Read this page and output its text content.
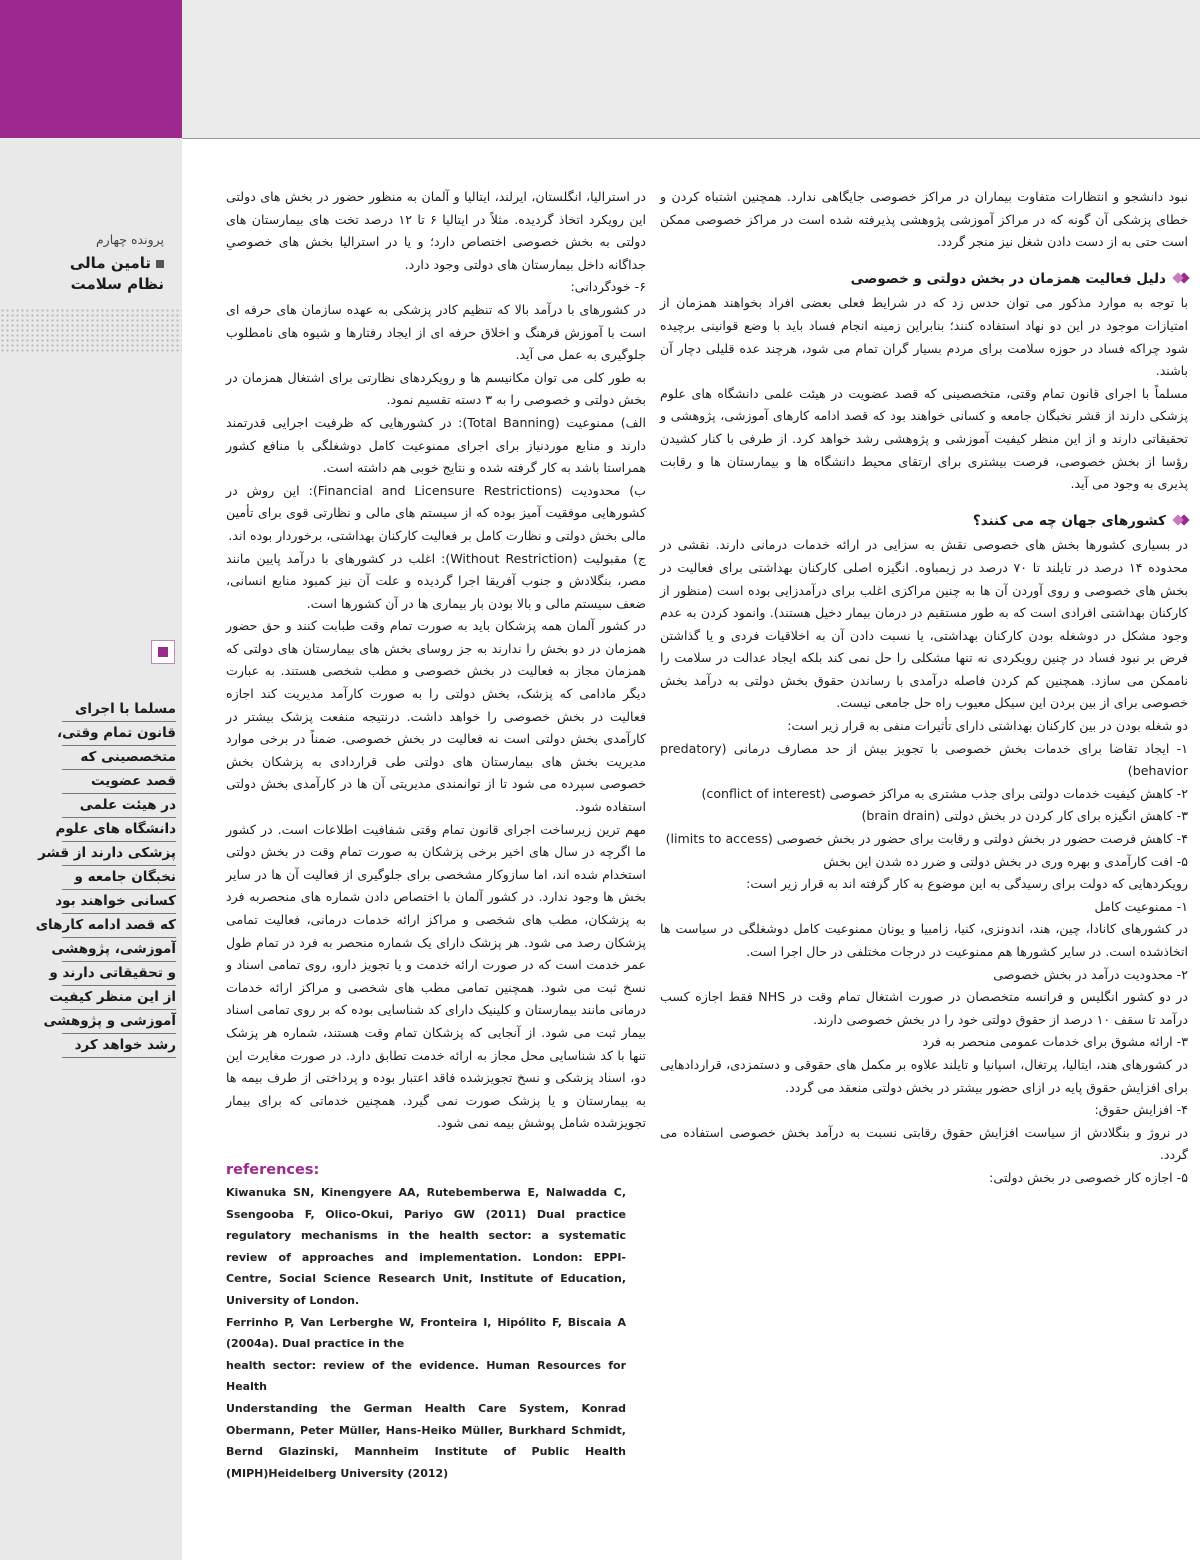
پرونده چهارم
تامین مالی
نظام سلامت
مسلما با اجرای
قانون تمام وقتی،
متخصصینی که
قصد عضویت
در هیئت علمی
دانشگاه های علوم
پزشکی دارند از قشر
نخبگان جامعه و
کسانی خواهند بود
که قصد ادامه کارهای
آموزشی، پژوهشی
و تحقیقاتی دارند و
از این منظر کیفیت
آموزشی و پژوهشی
رشد خواهد کرد

نبود دانشجو و انتظارات متفاوت بیماران در مراکز خصوصی جایگاهی ندارد. همچنین اشتباه کردن و خطای پزشکی آن گونه که در مراکز آموزشی پژوهشی پذیرفته شده است در مراکز خصوصی ممکن است حتی به از دست دادن شغل نیز منجر گردد.

دلیل فعالیت همزمان در بخش دولتی و خصوصی

با توجه به موارد مذکور می توان حدس زد که در شرایط فعلی بعضی افراد بخواهند همزمان از امتیازات موجود در این دو نهاد استفاده کنند؛ بنابراین زمینه انجام فساد باید با وضع قوانینی برچیده شود چراکه فساد در حوزه سلامت برای مردم بسیار گران تمام می شود، هرچند عده قلیلی دچار آن باشند.

مسلماً با اجرای قانون تمام وقتی، متخصصینی که قصد عضویت در هیئت علمی دانشگاه های علوم پزشکی دارند از قشر نخبگان جامعه و کسانی خواهند بود که قصد ادامه کارهای آموزشی، پژوهشی و تحقیقاتی دارند و از این منظر کیفیت آموزشی و پژوهشی رشد خواهد کرد. از طرفی با کنار کشیدن رؤسا از بخش خصوصی، فرصت بیشتری برای ارتقای محیط دانشگاه ها و بیمارستان ها و رقابت پذیری به وجود می آید.

کشورهای جهان چه می کنند؟

در بسیاری کشورها بخش های خصوصی نقش به سزایی در ارائه خدمات درمانی دارند. نقشی در محدوده ۱۴ درصد در تایلند تا ۷۰ درصد در زیمباوه. انگیزه اصلی کارکنان بهداشتی برای فعالیت در بخش های خصوصی و روی آوردن آن ها به چنین مراکزی اغلب برای درآمدزایی بوده است (منظور از کارکنان بهداشتی افرادی است که به طور مستقیم در درمان بیمار دخیل هستند). وانمود کردن به عدم وجود مشکل در دوشغله بودن کارکنان بهداشتی، یا نسبت دادن آن به اخلاقیات فردی و یا گذاشتن فرض بر نبود فساد در چنین رویکردی نه تنها مشکلی را حل نمی کند بلکه ایجاد عدالت در سلامت را ناممکن می سازد. همچنین کم کردن فاصله درآمدی با رساندن حقوق بخش دولتی به درآمد بخش خصوصی برای از بین بردن این سیکل معیوب راه حل جامعی نیست.

دو شغله بودن در بین کارکنان بهداشتی دارای تأثیرات منفی به قرار زیر است:

۱- ایجاد تقاضا برای خدمات بخش خصوصی با تجویز بیش از حد مصارف درمانی (predatory behavior)

۲- کاهش کیفیت خدمات دولتی برای جذب مشتری به مراکز خصوصی (conflict of interest)

۳- کاهش انگیزه برای کار کردن در بخش دولتی (brain drain)

۴- کاهش فرصت حضور در بخش دولتی و رقابت برای حضور در بخش خصوصی (limits to access)

۵- افت کارآمدی و بهره وری در بخش دولتی و ضرر ده شدن این بخش

رویکردهایی که دولت برای رسیدگی به این موضوع به کار گرفته اند به قرار زیر است:

۱- ممنوعیت کامل

در کشورهای کانادا، چین، هند، اندونزی، کنیا، زامبیا و یونان ممنوعیت کامل دوشغلگی در سیاست ها اتخاذشده است. در سایر کشورها هم ممنوعیت در درجات مختلفی در حال اجرا است.

۲- محدودیت درآمد در بخش خصوصی

در دو کشور انگلیس و فرانسه متخصصان در صورت اشتغال تمام وقت در NHS فقط اجازه کسب درآمد تا سقف ۱۰ درصد از حقوق دولتی خود را در بخش خصوصی دارند.

۳- ارائه مشوق برای خدمات عمومی منحصر به فرد

در کشورهای هند، ایتالیا، پرتغال، اسپانیا و تایلند علاوه بر مکمل های حقوقی و دستمزدی، قراردادهایی برای افزایش حقوق پایه در ازای حضور بیشتر در بخش دولتی منعقد می گردد.

۴- افزایش حقوق:

در نروژ و بنگلادش از سیاست افزایش حقوق رقابتی نسبت به درآمد بخش خصوصی استفاده می گردد.

۵- اجازه کار خصوصی در بخش دولتی:

در استرالیا، انگلستان، ایرلند، ایتالیا و آلمان به منظور حضور در بخش های دولتی این رویکرد اتخاذ گردیده. مثلاً در ایتالیا ۶ تا ۱۲ درصد تخت های بیمارستان های دولتی به بخش خصوصی اختصاص دارد؛ و یا در استرالیا بخش های خصوصیِ جداگانه داخل بیمارستان های دولتی وجود دارد.

۶- خودگردانی:

در کشورهای با درآمد بالا که تنظیم کادر پزشکی به عهده سازمان های حرفه ای است با آموزش فرهنگ و اخلاق حرفه ای از ایجاد رفتارها و شیوه های نامطلوب جلوگیری به عمل می آید.

به طور کلی می توان مکانیسم ها و رویکردهای نظارتی برای اشتغال همزمان در بخش دولتی و خصوصی را به ۳ دسته تقسیم نمود.

الف) ممنوعیت (Total Banning): در کشورهایی که ظرفیت اجرایی قدرتمند دارند و منابع موردنیاز برای اجرای ممنوعیت کامل دوشغلگی با منافع کشور همراستا باشد به کار گرفته شده و نتایج خوبی هم داشته است.

ب) محدودیت (Financial and Licensure Restrictions): این روش در کشورهایی موفقیت آمیز بوده که از سیستم های مالی و نظارتی قوی برای تأمین مالی بخش دولتی و نظارت کامل بر فعالیت کارکنان بهداشتی، برخوردار بوده اند.

ج) مقبولیت (Without Restriction): اغلب در کشورهای با درآمد پایین مانند مصر، بنگلادش و جنوب آفریقا اجرا گردیده و علت آن نیز کمبود منابع انسانی، ضعف سیستم مالی و بالا بودن بار بیماری ها در آن کشورها است.

در کشور آلمان همه پزشکان باید به صورت تمام وقت طبابت کنند و حق حضور همزمان در دو بخش را ندارند به جز روسای بخش های بیمارستان های دولتی که همزمان مجاز به فعالیت در بخش خصوصی و مطب شخصی هستند. به عبارت دیگر مادامی که پزشک، بخش دولتی را به صورت کارآمد مدیریت کند اجازه فعالیت در بخش خصوصی را خواهد داشت. درنتیجه منفعت پزشک بیشتر در کارآمدی بخش دولتی است نه فعالیت در بخش خصوصی. ضمناً در برخی موارد مدیریت بخش های بیمارستان های دولتی طی قراردادی به پزشکان بخش خصوصی سپرده می شود تا از توانمندی مدیریتی آن ها در کارآمدی بخش دولتی استفاده شود.

مهم ترین زیرساخت اجرای قانون تمام وقتی شفافیت اطلاعات است. در کشور ما اگرچه در سال های اخیر برخی پزشکان به صورت تمام وقت در بخش دولتی استخدام شده اند، اما سازوکار مشخصی برای جلوگیری از فعالیت آن ها در سایر بخش ها وجود ندارد. در کشور آلمان با اختصاص دادن شماره های منحصربه فرد به پزشکان، مطب های شخصی و مراکز ارائه خدمات درمانی، فعالیت تمامی پزشکان رصد می شود. هر پزشک دارای یک شماره منحصر به فرد در تمام طول عمر خدمت است که در صورت ارائه خدمت و یا تجویز دارو، روی تمامی اسناد و نسخ ثبت می شود. همچنین تمامی مطب های شخصی و مراکز ارائه خدمات درمانی مانند بیمارستان و کلینیک دارای کد شناسایی بوده که بر روی تمامی اسناد بیمار ثبت می شود. از آنجایی که پزشکان تمام وقت هستند، شماره هر پزشک تنها با کد شناسایی محل مجاز به ارائه خدمت تطابق دارد. در صورت مغایرت این دو، اسناد پزشکی و نسخ تجویزشده فاقد اعتبار بوده و پرداختی از طرف بیمه ها به بیمارستان و یا پزشک صورت نمی گیرد. همچنین خدماتی که برای بیمار تجویزشده شامل پوشش بیمه نمی شود.

references:
Kiwanuka SN, Kinengyere AA, Rutebemberwa E, Nalwadda C, Ssengooba F, Olico-Okui, Pariyo GW (2011) Dual practice regulatory mechanisms in the health sector: a systematic review of approaches and implementation. London: EPPI-Centre, Social Science Research Unit, Institute of Education, University of London.
Ferrinho P, Van Lerberghe W, Fronteira I, Hipólito F, Biscaia A (2004a). Dual practice in the
health sector: review of the evidence. Human Resources for Health
Understanding the German Health Care System, Konrad Obermann, Peter Müller, Hans-Heiko Müller, Burkhard Schmidt, Bernd Glazinski, Mannheim Institute of Public Health (MIPH)Heidelberg University (2012)
